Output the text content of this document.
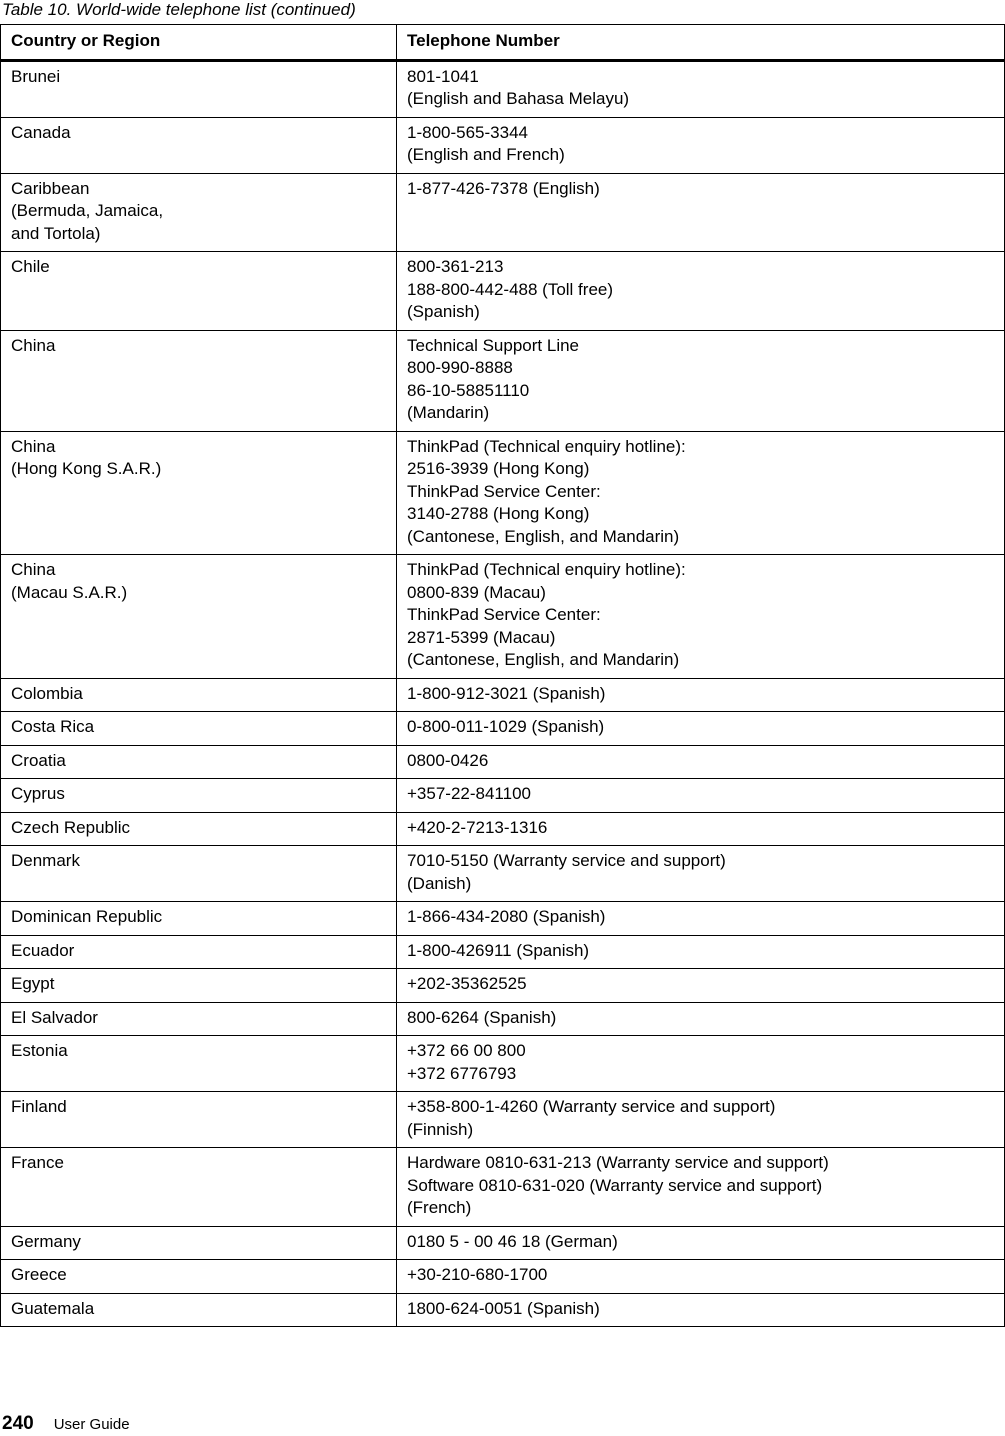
Table 10. World-wide telephone list (continued)
Country or Region	Telephone Number

Brunei	801-1041
(English and Bahasa Melayu)

Canada	1-800-565-3344
(English and French)

Caribbean
(Bermuda, Jamaica,
and Tortola)	1-877-426-7378 (English)

Chile	800-361-213
188-800-442-488 (Toll free)
(Spanish)

China	Technical Support Line
800-990-8888
86-10-58851110
(Mandarin)

China
(Hong Kong S.A.R.)	ThinkPad (Technical enquiry hotline):
2516-3939 (Hong Kong)
ThinkPad Service Center:
3140-2788 (Hong Kong)
(Cantonese, English, and Mandarin)

China
(Macau S.A.R.)	ThinkPad (Technical enquiry hotline):
0800-839 (Macau)
ThinkPad Service Center:
2871-5399 (Macau)
(Cantonese, English, and Mandarin)

Colombia	1-800-912-3021 (Spanish)

Costa Rica	0-800-011-1029 (Spanish)

Croatia	0800-0426

Cyprus	+357-22-841100

Czech Republic	+420-2-7213-1316

Denmark	7010-5150 (Warranty service and support)
(Danish)

Dominican Republic	1-866-434-2080 (Spanish)

Ecuador	1-800-426911 (Spanish)

Egypt	+202-35362525

El Salvador	800-6264 (Spanish)

Estonia	+372 66 00 800
+372 6776793

Finland	+358-800-1-4260 (Warranty service and support)
(Finnish)

France	Hardware 0810-631-213 (Warranty service and support)
Software 0810-631-020 (Warranty service and support)
(French)

Germany	0180 5 - 00 46 18 (German)

Greece	+30-210-680-1700

Guatemala	1800-624-0051 (Spanish)
240 User Guide
